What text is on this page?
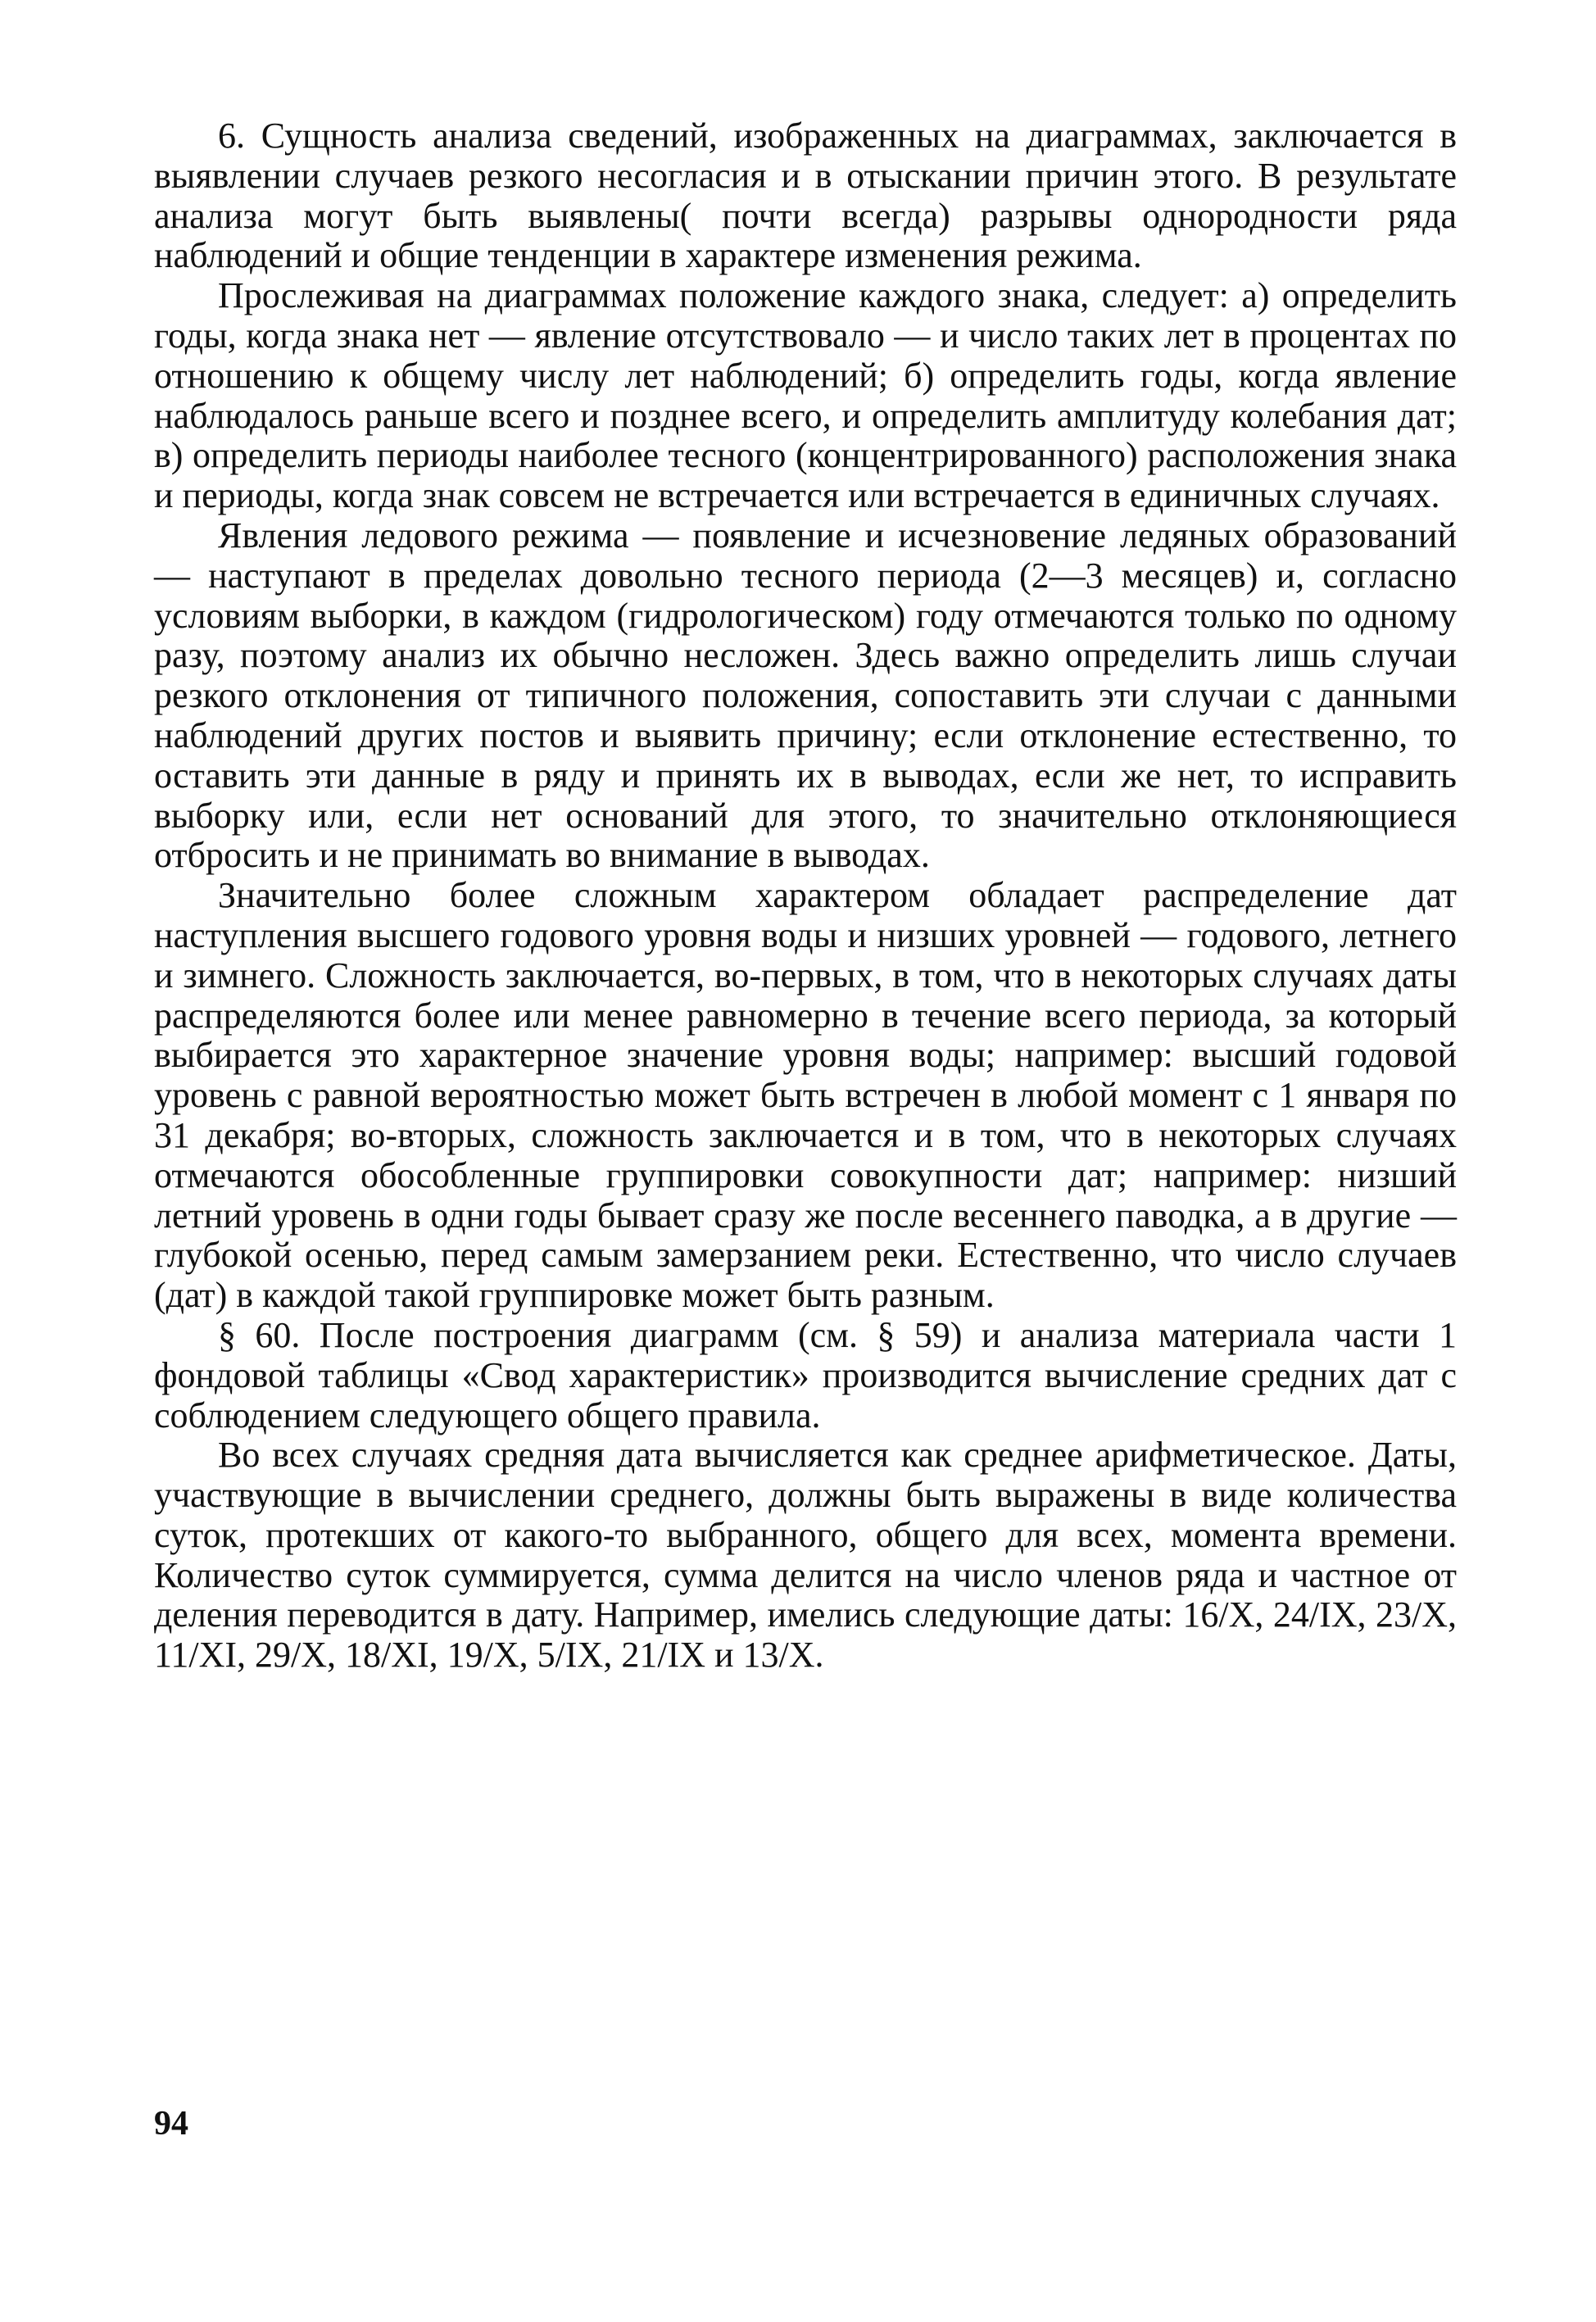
6. Сущность анализа сведений, изображенных на диаграммах, заключается в выявлении случаев резкого несогласия и в отыскании причин этого. В результате анализа могут быть выявлены( почти всегда) разрывы однородности ряда наблюдений и общие тенденции в характере изменения режима.

Прослеживая на диаграммах положение каждого знака, следует: а) определить годы, когда знака нет — явление отсутствовало — и число таких лет в процентах по отношению к общему числу лет наблюдений; б) определить годы, когда явление наблюдалось раньше всего и позднее всего, и определить амплитуду колебания дат; в) определить периоды наиболее тесного (концентрированного) расположения знака и периоды, когда знак совсем не встречается или встречается в единичных случаях.

Явления ледового режима — появление и исчезновение ледяных образований — наступают в пределах довольно тесного периода (2—3 месяцев) и, согласно условиям выборки, в каждом (гидрологическом) году отмечаются только по одному разу, поэтому анализ их обычно несложен. Здесь важно определить лишь случаи резкого отклонения от типичного положения, сопоставить эти случаи с данными наблюдений других постов и выявить причину; если отклонение естественно, то оставить эти данные в ряду и принять их в выводах, если же нет, то исправить выборку или, если нет оснований для этого, то значительно отклоняющиеся отбросить и не принимать во внимание в выводах.

Значительно более сложным характером обладает распределение дат наступления высшего годового уровня воды и низших уровней — годового, летнего и зимнего. Сложность заключается, во-первых, в том, что в некоторых случаях даты распределяются более или менее равномерно в течение всего периода, за который выбирается это характерное значение уровня воды; например: высший годовой уровень с равной вероятностью может быть встречен в любой момент с 1 января по 31 декабря; во-вторых, сложность заключается и в том, что в некоторых случаях отмечаются обособленные группировки совокупности дат; например: низший летний уровень в одни годы бывает сразу же после весеннего паводка, а в другие — глубокой осенью, перед самым замерзанием реки. Естественно, что число случаев (дат) в каждой такой группировке может быть разным.

§ 60. После построения диаграмм (см. § 59) и анализа материала части 1 фондовой таблицы «Свод характеристик» производится вычисление средних дат с соблюдением следующего общего правила.

Во всех случаях средняя дата вычисляется как среднее арифметическое. Даты, участвующие в вычислении среднего, должны быть выражены в виде количества суток, протекших от какого-то выбранного, общего для всех, момента времени. Количество суток суммируется, сумма делится на число членов ряда и частное от деления переводится в дату. Например, имелись следующие даты: 16/X, 24/IX, 23/X, 11/XI, 29/X, 18/XI, 19/X, 5/IX, 21/IX и 13/X.

94
